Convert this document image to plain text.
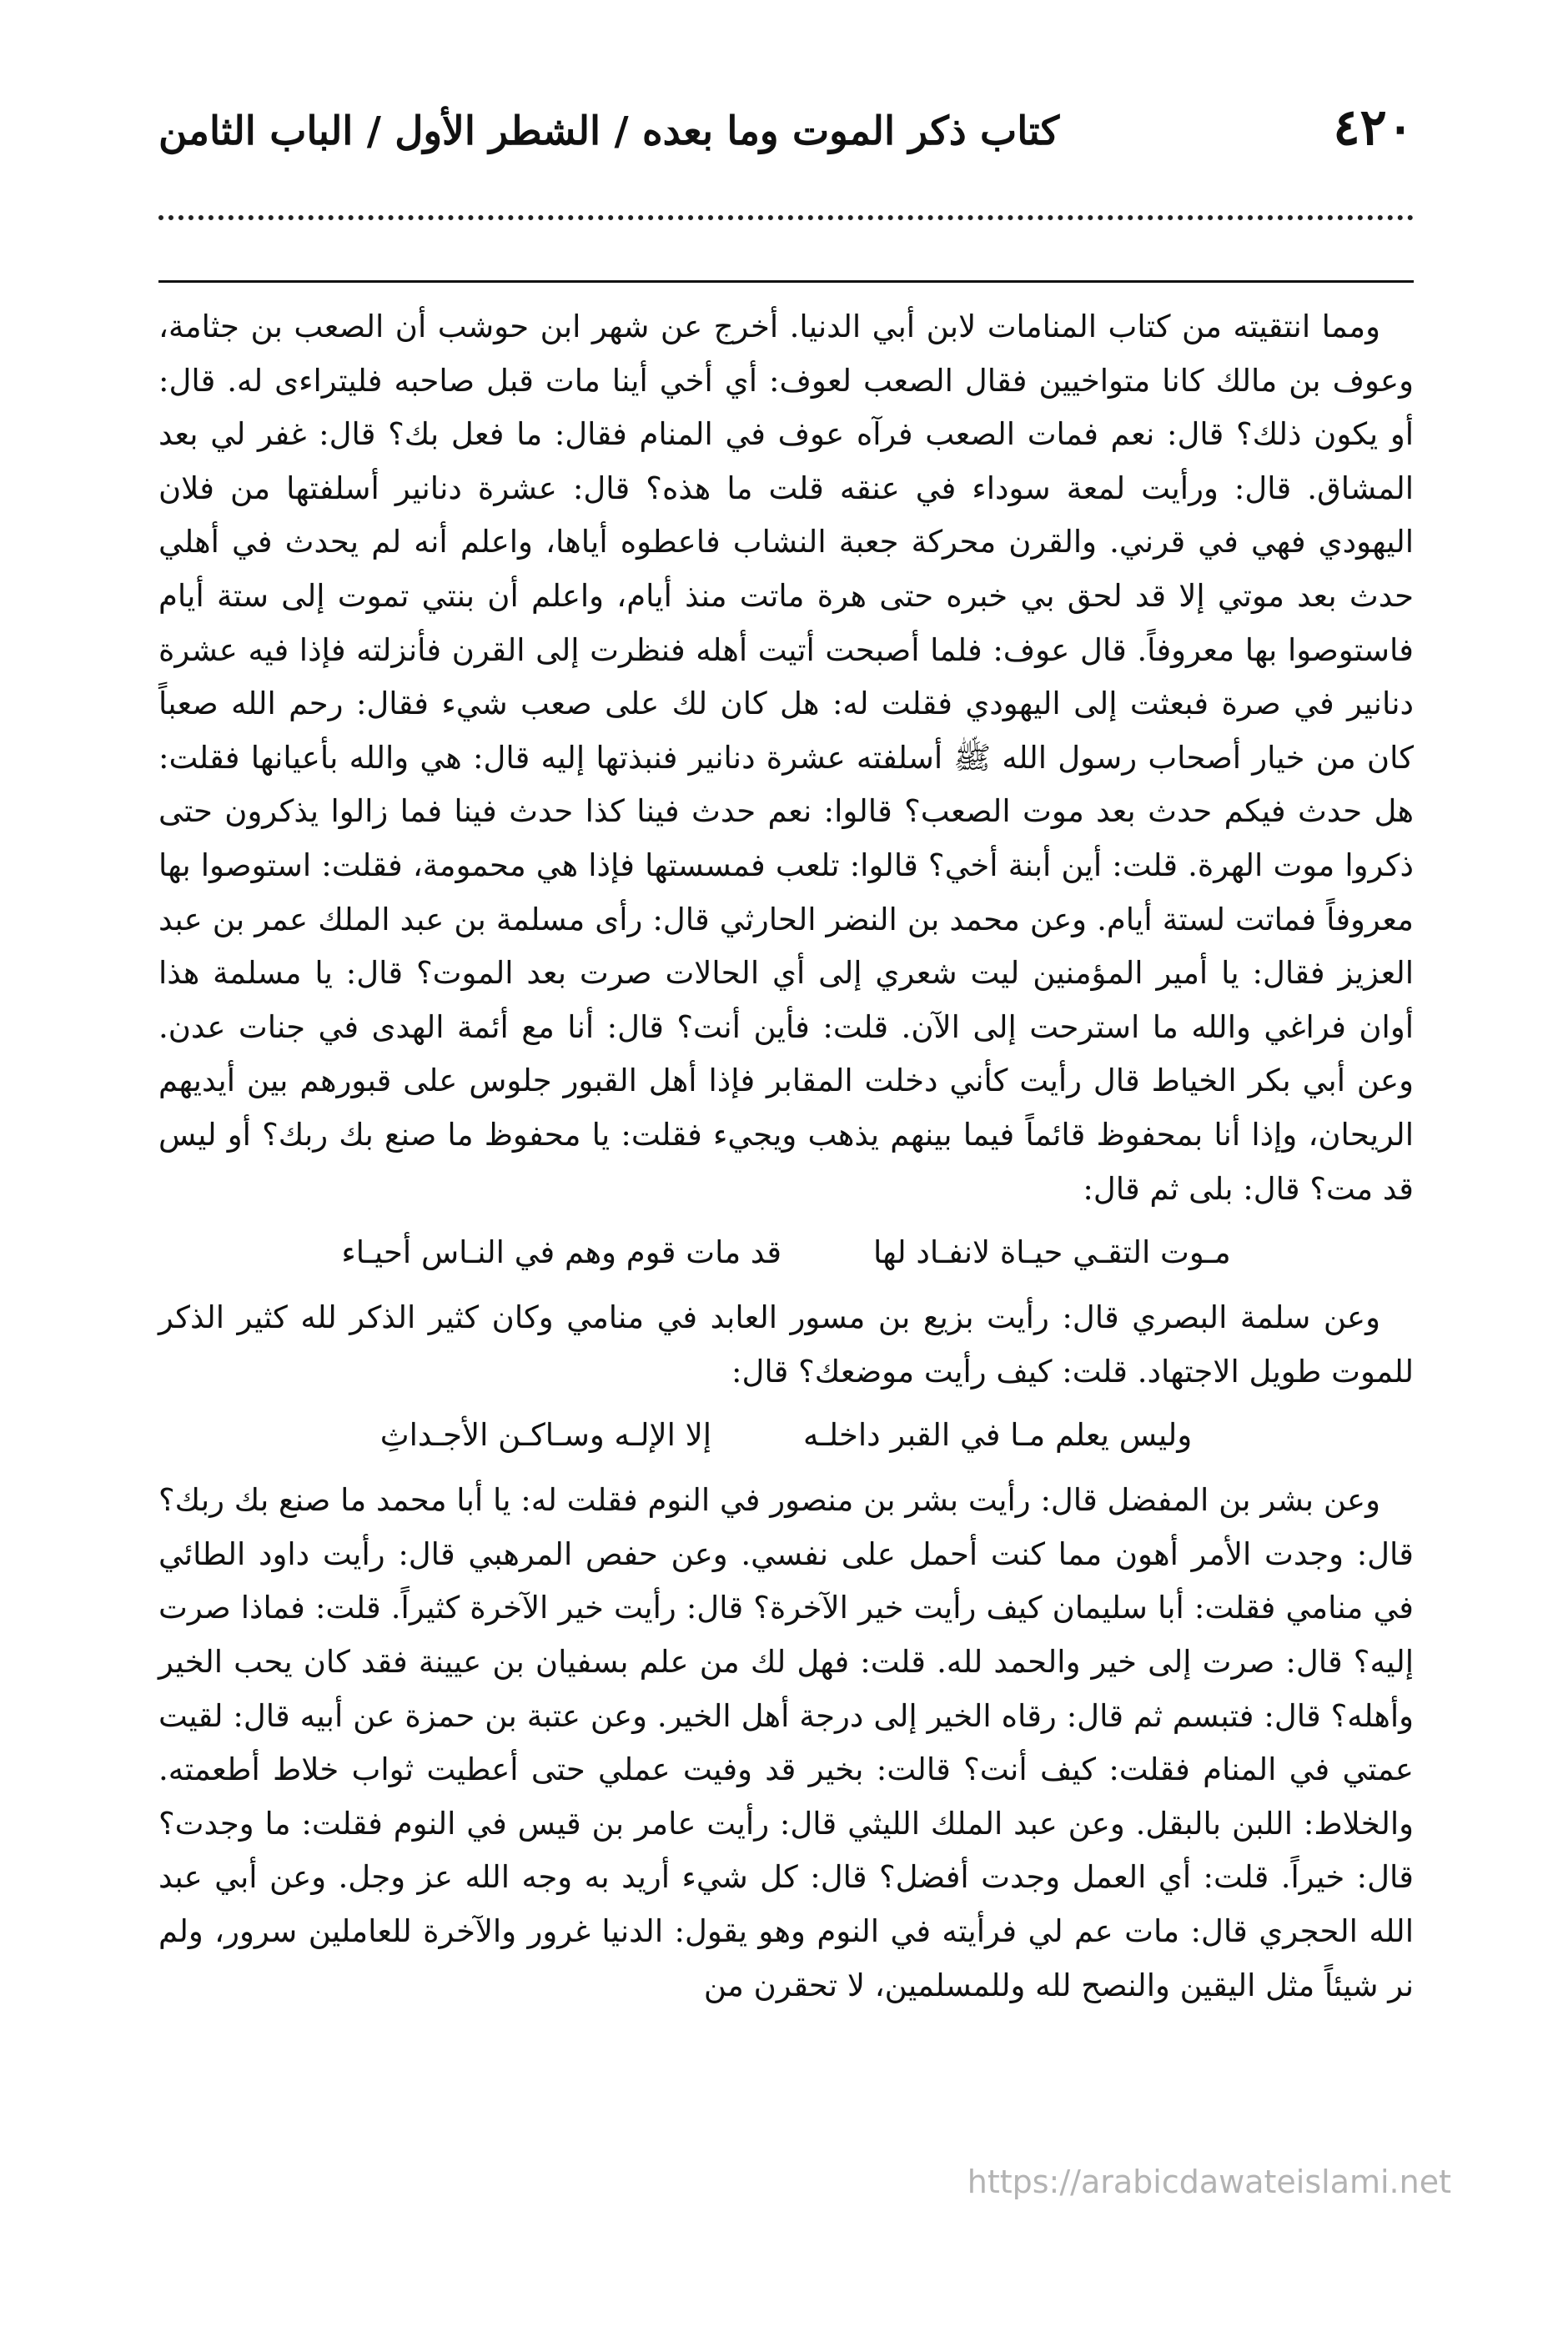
٤٢٠
كتاب ذكر الموت وما بعده / الشطر الأول / الباب الثامن

ومما انتقيته من كتاب المنامات لابن أبي الدنيا. أخرج عن شهر ابن حوشب أن الصعب بن جثامة، وعوف بن مالك كانا متواخيين فقال الصعب لعوف: أي أخي أينا مات قبل صاحبه فليتراءى له. قال: أو يكون ذلك؟ قال: نعم فمات الصعب فرآه عوف في المنام فقال: ما فعل بك؟ قال: غفر لي بعد المشاق. قال: ورأيت لمعة سوداء في عنقه قلت ما هذه؟ قال: عشرة دنانير أسلفتها من فلان اليهودي فهي في قرني. والقرن محركة جعبة النشاب فاعطوه أياها، واعلم أنه لم يحدث في أهلي حدث بعد موتي إلا قد لحق بي خبره حتى هرة ماتت منذ أيام، واعلم أن بنتي تموت إلى ستة أيام فاستوصوا بها معروفاً. قال عوف: فلما أصبحت أتيت أهله فنظرت إلى القرن فأنزلته فإذا فيه عشرة دنانير في صرة فبعثت إلى اليهودي فقلت له: هل كان لك على صعب شيء فقال: رحم الله صعباً كان من خيار أصحاب رسول الله ﷺ أسلفته عشرة دنانير فنبذتها إليه قال: هي والله بأعيانها فقلت: هل حدث فيكم حدث بعد موت الصعب؟ قالوا: نعم حدث فينا كذا حدث فينا فما زالوا يذكرون حتى ذكروا موت الهرة. قلت: أين أبنة أخي؟ قالوا: تلعب فمسستها فإذا هي محمومة، فقلت: استوصوا بها معروفاً فماتت لستة أيام. وعن محمد بن النضر الحارثي قال: رأى مسلمة بن عبد الملك عمر بن عبد العزيز فقال: يا أمير المؤمنين ليت شعري إلى أي الحالات صرت بعد الموت؟ قال: يا مسلمة هذا أوان فراغي والله ما استرحت إلى الآن. قلت: فأين أنت؟ قال: أنا مع أئمة الهدى في جنات عدن. وعن أبي بكر الخياط قال رأيت كأني دخلت المقابر فإذا أهل القبور جلوس على قبورهم بين أيديهم الريحان، وإذا أنا بمحفوظ قائماً فيما بينهم يذهب ويجيء فقلت: يا محفوظ ما صنع بك ربك؟ أو ليس قد مت؟ قال: بلى ثم قال:

مـوت التقـي حيـاة لانفـاد لها
قد مات قوم وهم في النـاس أحيـاء

وعن سلمة البصري قال: رأيت بزيع بن مسور العابد في منامي وكان كثير الذكر لله كثير الذكر للموت طويل الاجتهاد. قلت: كيف رأيت موضعك؟ قال:

وليس يعلم مـا في القبر داخلـه
إلا الإلـه وسـاكـن الأجـداثِ

وعن بشر بن المفضل قال: رأيت بشر بن منصور في النوم فقلت له: يا أبا محمد ما صنع بك ربك؟ قال: وجدت الأمر أهون مما كنت أحمل على نفسي. وعن حفص المرهبي قال: رأيت داود الطائي في منامي فقلت: أبا سليمان كيف رأيت خير الآخرة؟ قال: رأيت خير الآخرة كثيراً. قلت: فماذا صرت إليه؟ قال: صرت إلى خير والحمد لله. قلت: فهل لك من علم بسفيان بن عيينة فقد كان يحب الخير وأهله؟ قال: فتبسم ثم قال: رقاه الخير إلى درجة أهل الخير. وعن عتبة بن حمزة عن أبيه قال: لقيت عمتي في المنام فقلت: كيف أنت؟ قالت: بخير قد وفيت عملي حتى أعطيت ثواب خلاط أطعمته. والخلاط: اللبن بالبقل. وعن عبد الملك الليثي قال: رأيت عامر بن قيس في النوم فقلت: ما وجدت؟ قال: خيراً. قلت: أي العمل وجدت أفضل؟ قال: كل شيء أريد به وجه الله عز وجل. وعن أبي عبد الله الحجري قال: مات عم لي فرأيته في النوم وهو يقول: الدنيا غرور والآخرة للعاملين سرور، ولم نر شيئاً مثل اليقين والنصح لله وللمسلمين، لا تحقرن من

https://arabicdawateislami.net
